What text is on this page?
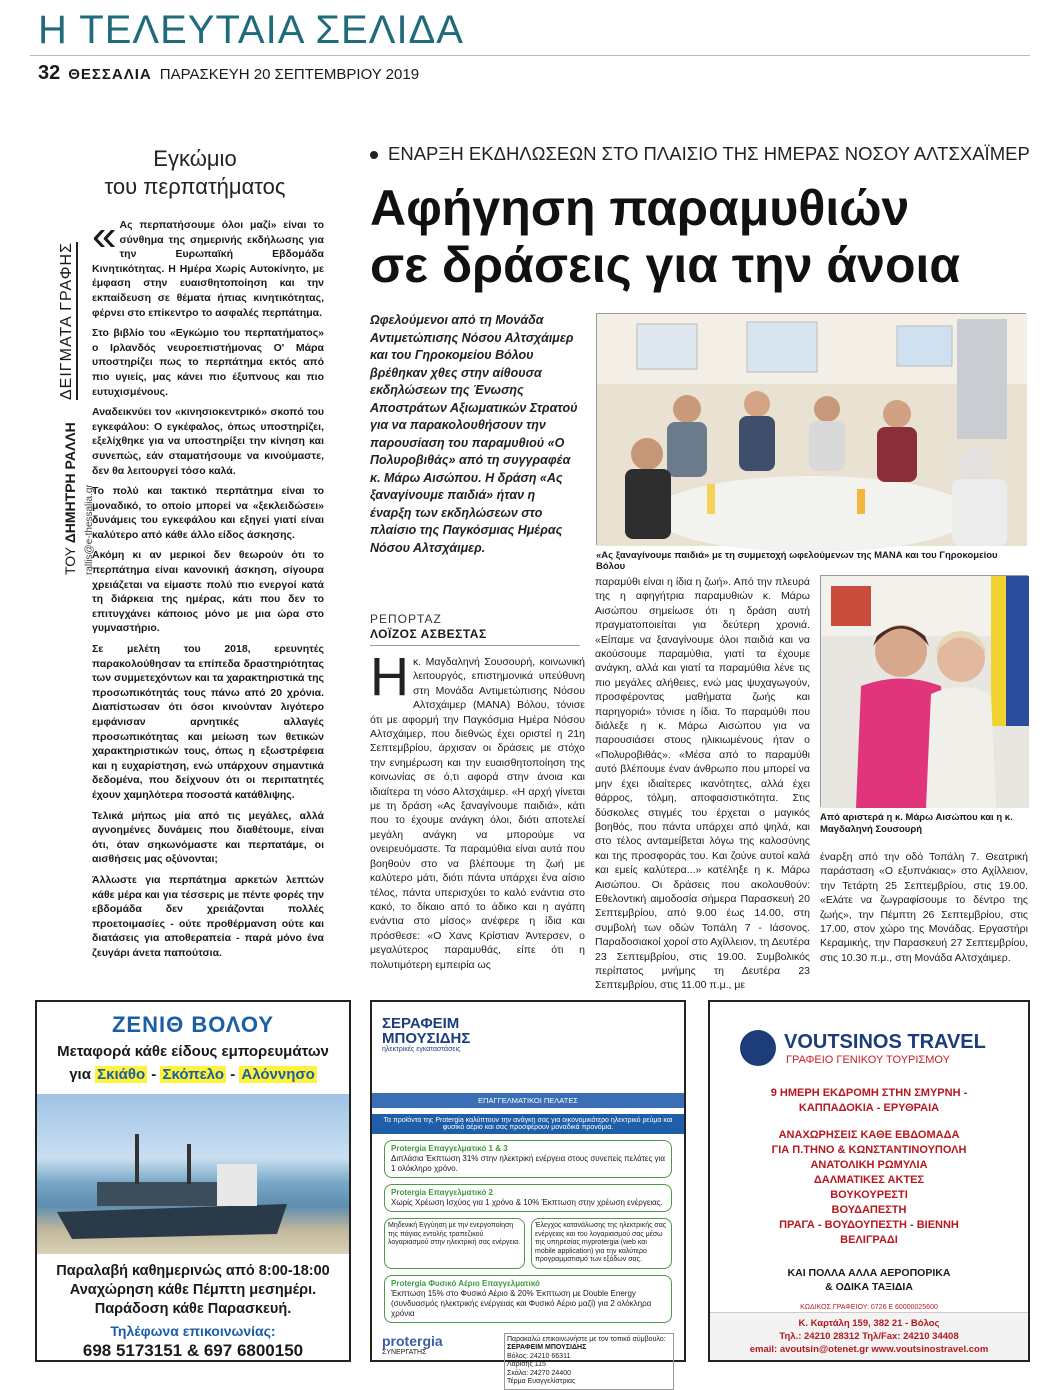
Η ΤΕΛΕΥΤΑΙΑ ΣΕΛΙΔΑ
32 ΘΕΣΣΑΛΙΑ ΠΑΡΑΣΚΕΥΗ 20 ΣΕΠΤΕΜΒΡΙΟΥ 2019
ΤΟΥ ΔΗΜΗΤΡΗ ΡΑΛΛΗ rallis@e-thessalia.gr
ΔΕΙΓΜΑΤΑ ΓΡΑΦΗΣ
Εγκώμιο
του περπατήματος

« Ας περπατήσουμε όλοι μαζί» είναι το σύνθημα της σημερινής εκδήλωσης για την Ευρωπαϊκή Εβδομάδα Κινητικότητας. Η Ημέρα Χωρίς Αυτοκίνητο, με έμφαση στην ευαισθητοποίηση και την εκπαίδευση σε θέματα ήπιας κινητικότητας, φέρνει στο επίκεντρο το ασφαλές περπάτημα.

Στο βιβλίο του «Εγκώμιο του περπατήματος» ο Ιρλανδός νευροεπιστήμονας Ο' Μάρα υποστηρίζει πως το περπάτημα εκτός από πιο υγιείς, μας κάνει πιο έξυπνους και πιο ευτυχισμένους.

Αναδεικνύει τον «κινησιοκεντρικό» σκοπό του εγκεφάλου: Ο εγκέφαλος, όπως υποστηρίζει, εξελίχθηκε για να υποστηρίξει την κίνηση και συνεπώς, εάν σταματήσουμε να κινούμαστε, δεν θα λειτουργεί τόσο καλά.

Το πολύ και τακτικό περπάτημα είναι το μοναδικό, το οποίο μπορεί να «ξεκλειδώσει» δυνάμεις του εγκεφάλου και εξηγεί γιατί είναι καλύτερο από κάθε άλλο είδος άσκησης.

Ακόμη κι αν μερικοί δεν θεωρούν ότι το περπάτημα είναι κανονική άσκηση, σίγουρα χρειάζεται να είμαστε πολύ πιο ενεργοί κατά τη διάρκεια της ημέρας, κάτι που δεν το επιτυγχάνει κάποιος μόνο με μια ώρα στο γυμναστήριο.

Σε μελέτη του 2018, ερευνητές παρακολούθησαν τα επίπεδα δραστηριότητας των συμμετεχόντων και τα χαρακτηριστικά της προσωπικότητάς τους πάνω από 20 χρόνια. Διαπίστωσαν ότι όσοι κινούνταν λιγότερο εμφάνισαν αρνητικές αλλαγές προσωπικότητας και μείωση των θετικών χαρακτηριστικών τους, όπως η εξωστρέφεια και η ευχαρίστηση, ενώ υπάρχουν σημαντικά δεδομένα, που δείχνουν ότι οι περιπατητές έχουν χαμηλότερα ποσοστά κατάθλιψης.

Τελικά μήπως μία από τις μεγάλες, αλλά αγνοημένες δυνάμεις που διαθέτουμε, είναι ότι, όταν σηκωνόμαστε και περπατάμε, οι αισθήσεις μας οξύνονται;

Άλλωστε για περπάτημα αρκετών λεπτών κάθε μέρα και για τέσσερις με πέντε φορές την εβδομάδα δεν χρειάζονται πολλές προετοιμασίες - ούτε προθέρμανση ούτε και διατάσεις για αποθεραπεία - παρά μόνο ένα ζευγάρι άνετα παπούτσια.

ΕΝΑΡΞΗ ΕΚΔΗΛΩΣΕΩΝ ΣΤΟ ΠΛΑΙΣΙΟ ΤΗΣ ΗΜΕΡΑΣ ΝΟΣΟΥ ΑΛΤΣΧΑΪΜΕΡ
Αφήγηση παραμυθιών
σε δράσεις για την άνοια
Ωφελούμενοι από τη Μονάδα Αντιμετώπισης Νόσου Αλτσχάιμερ και του Γηροκομείου Βόλου βρέθηκαν χθες στην αίθουσα εκδηλώσεων της Ένωσης Αποστράτων Αξιωματικών Στρατού για να παρακολουθήσουν την παρουσίαση του παραμυθιού «Ο Πολυροβιθάς» από τη συγγραφέα κ. Μάρω Αισώπου. Η δράση «Ας ξαναγίνουμε παιδιά» ήταν η έναρξη των εκδηλώσεων στο πλαίσιο της Παγκόσμιας Ημέρας Νόσου Αλτσχάιμερ.
«Ας ξαναγίνουμε παιδιά» με τη συμμετοχή ωφελούμενων της ΜΑΝΑ και του Γηροκομείου Βόλου
Από αριστερά η κ. Μάρω Αισώπου και η κ. Μαγδαληνή Σουσουρή
ΡΕΠΟΡΤΑΖ
ΛΟΪΖΟΣ ΑΣΒΕΣΤΑΣ
Ηκ. Μαγδαληνή Σουσουρή, κοινωνική λειτουργός, επιστημονικά υπεύθυνη στη Μονάδα Αντιμετώπισης Νόσου Αλτσχάιμερ (ΜΑΝΑ) Βόλου, τόνισε ότι με αφορμή την Παγκόσμια Ημέρα Νόσου Αλτσχάιμερ, που διεθνώς έχει οριστεί η 21η Σεπτεμβρίου, άρχισαν οι δράσεις με στόχο την ενημέρωση και την ευαισθητοποίηση της κοινωνίας σε ό,τι αφορά στην άνοια και ιδιαίτερα τη νόσο Αλτσχάιμερ. «Η αρχή γίνεται με τη δράση «Ας ξαναγίνουμε παιδιά», κάτι που το έχουμε ανάγκη όλοι, διότι αποτελεί μεγάλη ανάγκη να μπορούμε να ονειρευόμαστε. Τα παραμύθια είναι αυτά που βοηθούν στο να βλέπουμε τη ζωή με καλύτερο μάτι, διότι πάντα υπάρχει ένα αίσιο τέλος, πάντα υπερισχύει το καλό ενάντια στο κακό, το δίκαιο από το άδικο και η αγάπη ενάντια στο μίσος» ανέφερε η ίδια και πρόσθεσε: «Ο Χανς Κρίστιαν Άντερσεν, ο μεγαλύτερος παραμυθάς, είπε ότι η πολυτιμότερη εμπειρία ως
παραμύθι είναι η ίδια η ζωή». Από την πλευρά της η αφηγήτρια παραμυθιών κ. Μάρω Αισώπου σημείωσε ότι η δράση αυτή πραγματοποιείται για δεύτερη χρονιά. «Είπαμε να ξαναγίνουμε όλοι παιδιά και να ακούσουμε παραμύθια, γιατί τα έχουμε ανάγκη, αλλά και γιατί τα παραμύθια λένε τις πιο μεγάλες αλήθειες, ενώ μας ψυχαγωγούν, προσφέροντας μαθήματα ζωής και παρηγοριά» τόνισε η ίδια. Το παραμύθι που διάλεξε η κ. Μάρω Αισώπου για να παρουσιάσει στους ηλικιωμένους ήταν ο «Πολυροβιθάς». «Μέσα από το παραμύθι αυτό βλέπουμε έναν άνθρωπο που μπορεί να μην έχει ιδιαίτερες ικανότητες, αλλά έχει θάρρος, τόλμη, αποφασιστικότητα. Στις δύσκολες στιγμές του έρχεται ο μαγικός βοηθός, που πάντα υπάρχει από ψηλά, και στο τέλος ανταμείβεται λόγω της καλοσύνης και της προσφοράς του. Και ζούνε αυτοί καλά και εμείς καλύτερα...» κατέληξε η κ. Μάρω Αισώπου. Οι δράσεις που ακολουθούν: Εθελοντική αιμοδοσία σήμερα Παρασκευή 20 Σεπτεμβρίου, από 9.00 έως 14.00, στη συμβολή των οδών Τοπάλη 7 - Ιάσονος. Παραδοσιακοί χοροί στο Αχίλλειον, τη Δευτέρα 23 Σεπτεμβρίου, στις 19.00. Συμβολικός περίπατος μνήμης τη Δευτέρα 23 Σεπτεμβρίου, στις 11.00 π.μ., με
έναρξη από την οδό Τοπάλη 7. Θεατρική παράσταση «Ο εξυπνάκιας» στο Αχίλλειον, την Τετάρτη 25 Σεπτεμβρίου, στις 19.00. «Ελάτε να ζωγραφίσουμε το δέντρο της ζωής», την Πέμπτη 26 Σεπτεμβρίου, στις 17.00, στον χώρο της Μονάδας. Εργαστήρι Κεραμικής, την Παρασκευή 27 Σεπτεμβρίου, στις 10.30 π.μ., στη Μονάδα Αλτσχάιμερ.
ΖΕΝΙΘ ΒΟΛΟΥ
Μεταφορά κάθε είδους εμπορευμάτων
για Σκιάθο - Σκόπελο - Αλόννησο
Παραλαβή καθημερινώς από 8:00-18:00
Αναχώρηση κάθε Πέμπτη μεσημέρι.
Παράδοση κάθε Παρασκευή.
Τηλέφωνα επικοινωνίας:
698 5173151 & 697 6800150
ΣΕΡΑΦΕΙΜ
ΜΠΟΥΣΙΔΗΣ
ηλεκτρικές εγκαταστάσεις
ΕΠΑΓΓΕΛΜΑΤΙΚΟΙ ΠΕΛΑΤΕΣ
Τα προϊόντα της Protergia καλύπτουν την ανάγκη σας για οικονομικότερο ηλεκτρικό ρεύμα και φυσικό αέριο και σας προσφέρουν μοναδικά προνόμια.
Protergia Επαγγελματικό 1 & 3
Διπλάσια Έκπτωση 31% στην ηλεκτρική ενέργεια στους συνεπείς πελάτες για 1 ολόκληρο χρόνο.
Protergia Επαγγελματικό 2
Χωρίς Χρέωση Ισχύος για 1 χρόνο & 10% Έκπτωση στην χρέωση ενέργειας.
Μηδενική Εγγύηση με την ενεργοποίηση της πάγιας εντολής τραπεζικού λογαριασμού στην ηλεκτρική σας ενέργεια.
Έλεγχος κατανάλωσης της ηλεκτρικής σας ενέργειας και του λογαριασμού σας μέσω της υπηρεσίας myprotergia (web και mobile application) για την καλύτερο προγραμματισμό των εξόδων σας.
Protergia Φυσικό Αέριο Επαγγελματικό
Έκπτωση 15% στο Φυσικό Αέριο & 20% Έκπτωση με Double Energy (συνδυασμός ηλεκτρικής ενέργειας και Φυσικό Αέριο μαζί) για 2 ολόκληρα χρόνια
protergia
ΣΥΝΕΡΓΑΤΗΣ
Παρακαλώ επικοινωνήστε με τον τοπικό σύμβουλο:
ΣΕΡΑΦΕΙΜ ΜΠΟΥΣΙΔΗΣ
Βόλος: 24210 66311
Λαρίσης 115
Σκάλα: 24270 24400
Τέρμα Ευαγγελίστριας
VOUTSINOS TRAVEL
ΓΡΑΦΕΙΟ ΓΕΝΙΚΟΥ ΤΟΥΡΙΣΜΟΥ
9 ΗΜΕΡΗ ΕΚΔΡΟΜΗ ΣΤΗΝ ΣΜΥΡΝΗ -
ΚΑΠΠΑΔΟΚΙΑ - ΕΡΥΘΡΑΙΑ
ΑΝΑΧΩΡΗΣΕΙΣ ΚΑΘΕ ΕΒΔΟΜΑΔΑ
ΓΙΑ Π.ΤΗΝΟ & ΚΩΝΣΤΑΝΤΙΝΟΥΠΟΛΗ
ΑΝΑΤΟΛΙΚΗ ΡΩΜΥΛΙΑ
ΔΑΛΜΑΤΙΚΕΣ ΑΚΤΕΣ
ΒΟΥΚΟΥΡΕΣΤΙ
ΒΟΥΔΑΠΕΣΤΗ
ΠΡΑΓΑ - ΒΟΥΔΟΥΠΕΣΤΗ - ΒΙΕΝΝΗ
ΒΕΛΙΓΡΑΔΙ
ΚΑΙ ΠΟΛΛΑ ΑΛΛΑ ΑΕΡΟΠΟΡΙΚΑ
& ΟΔΙΚΑ ΤΑΞΙΔΙΑ
ΚΩΔΙΚΟΣ ΓΡΑΦΕΙΟΥ: 0726 Ε 60000025600
Κ. Καρτάλη 159, 382 21 - Βόλος
Τηλ.: 24210 28312 Τηλ/Fax: 24210 34408
email: avoutsin@otenet.gr www.voutsinostravel.com
